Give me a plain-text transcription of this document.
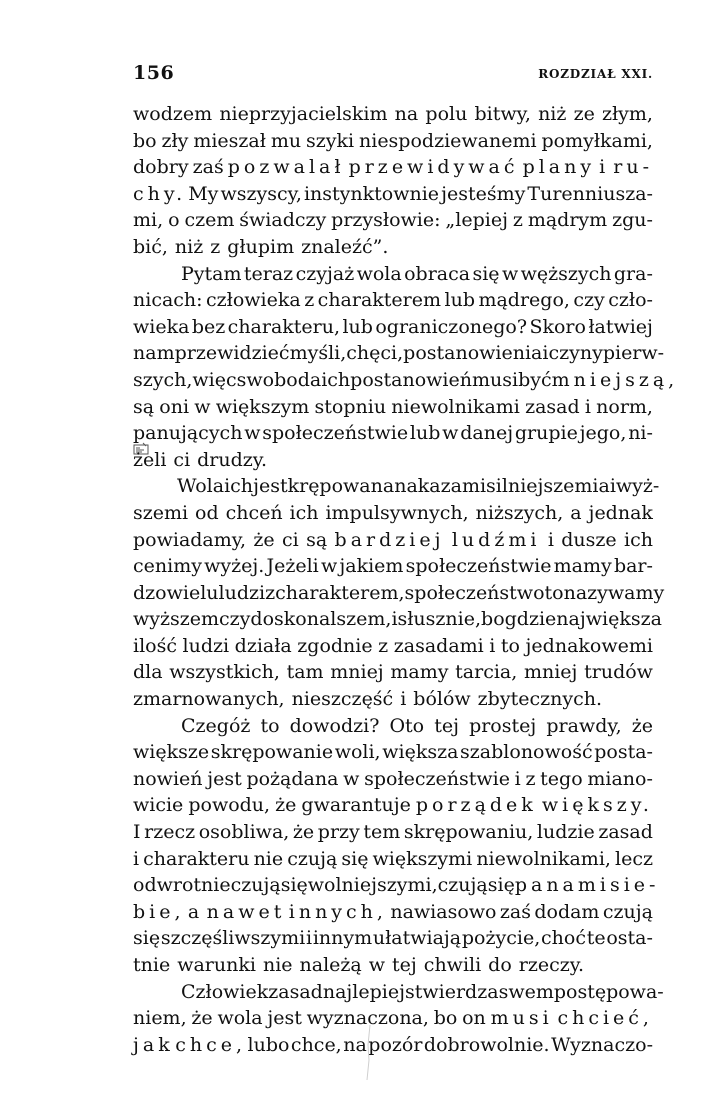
156	ROZDZIAŁ XXI.
wodzem nieprzyjacielskim na polu bitwy, niż ze złym,
bo zły mieszał mu szyki niespodziewanemi pomyłkami,
dobry zaś pozwalał przewidywać plany i ru-
chy. My wszyscy, instynktownie jesteśmy Turenniusza-
mi, o czem świadczy przysłowie: „lepiej z mądrym zgu-
bić, niż z głupim znaleźć”.
Pytam teraz czyjaż wola obraca się w węższych gra-
nicach: człowieka z charakterem lub mądrego, czy czło-
wieka bez charakteru, lub ograniczonego? Skoro łatwiej
nam przewidzieć myśli, chęci, postanowienia i czyny pierw-
szych, więc swoboda ich postanowień musi być mniejszą,
są oni w większym stopniu niewolnikami zasad i norm,
panujących w społeczeństwie lub w danej grupie jego, ni-
żeli ci drudzy.
Wola ich jest krępowana nakazami silniejszemi a i wyż-
szemi od chceń ich impulsywnych, niższych, a jednak
powiadamy, że ci są bardziej ludźmi i dusze ich
cenimy wyżej. Jeżeli w jakiem społeczeństwie mamy bar-
dzo wielu ludzi z charakterem, społeczeństwo to nazywamy
wyższem czy doskonalszem, i słusznie, bo gdzie największa
ilość ludzi działa zgodnie z zasadami i to jednakowemi
dla wszystkich, tam mniej mamy tarcia, mniej trudów
zmarnowanych, nieszczęść i bólów zbytecznych.
Czegóż to dowodzi? Oto tej prostej prawdy, że
większe skrępowanie woli, większa szablonowość posta-
nowień jest pożądana w społeczeństwie i z tego miano-
wicie powodu, że gwarantuje porządek większy.
I rzecz osobliwa, że przy tem skrępowaniu, ludzie zasad
i charakteru nie czują się większymi niewolnikami, lecz
odwrotnie czują się wolniejszymi, czują się panami sie-
bie, a nawet innych, nawiasowo zaś dodam czują
się szczęśliwszymi i innym ułatwiają pożycie, choć te osta-
tnie warunki nie należą w tej chwili do rzeczy.
Człowiek zasad najlepiej stwierdza swem postępowa-
niem, że wola jest wyznaczona, bo on musi chcieć,
jak chce, lubo chce, na pozór dobrowolnie. Wyznaczo-
